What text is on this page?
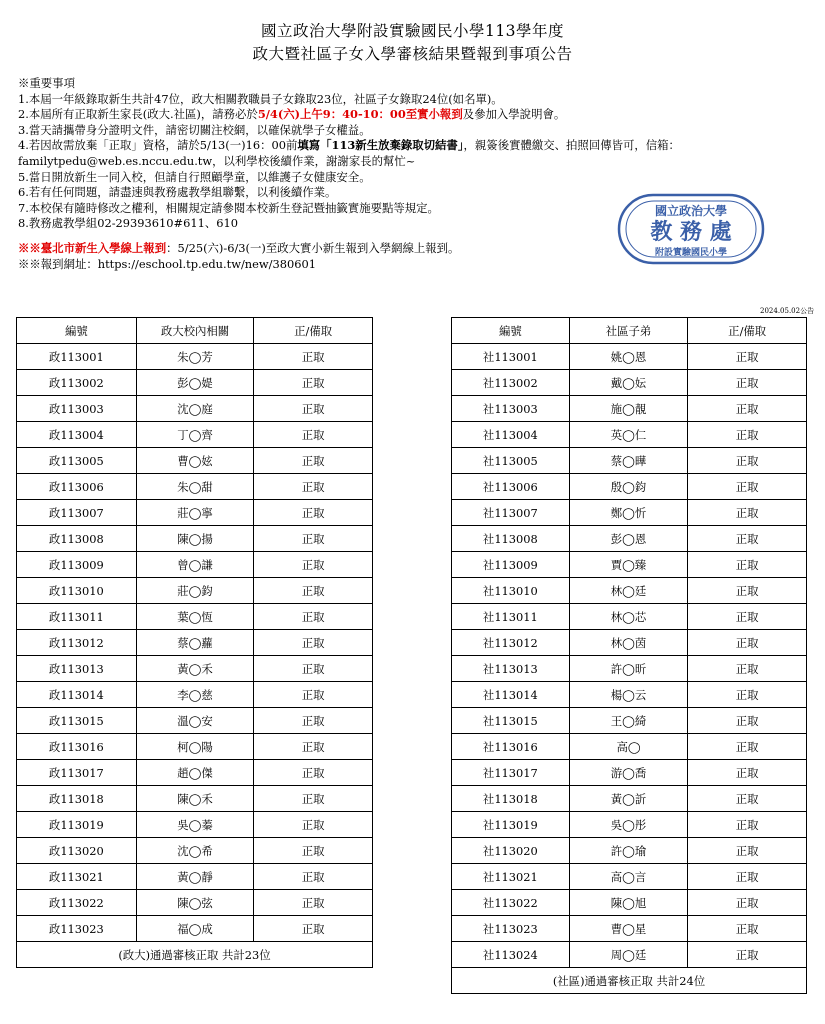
國立政治大學附設實驗國民小學113學年度
政大暨社區子女入學審核結果暨報到事項公告
※重要事項
1.本屆一年級錄取新生共計47位，政大相關教職員子女錄取23位，社區子女錄取24位(如名單)。
2.本屆所有正取新生家長(政大.社區)，請務必於5/4(六)上午9：40-10：00至實小報到及參加入學說明會。
3.當天請攜帶身分證明文件，請密切關注校網，以確保就學子女權益。
4.若因故需放棄「正取」資格，請於5/13(一)16：00前填寫「113新生放棄錄取切結書」，親簽後實體繳交、拍照回傳皆可，信箱：
familytpedu@web.es.nccu.edu.tw，以利學校後續作業，謝謝家長的幫忙~
5.當日開放新生一同入校，但請自行照顧學童，以維護子女健康安全。
6.若有任何問題，請盡速與教務處教學組聯繫，以利後續作業。
7.本校保有隨時修改之權利，相關規定請參閱本校新生登記暨抽籤實施要點等規定。
8.教務處教學組02-29393610#611、610
※※臺北市新生入學線上報到：5/25(六)-6/3(一)至政大實小新生報到入學網線上報到。
※※報到網址：https://eschool.tp.edu.tw/new/380601
國立政治大學
教 務 處
附設實驗國民小學
2024.05.02公告
編號	政大校內相關	正/備取
政113001	朱◯芳	正取
政113002	彭◯媞	正取
政113003	沈◯庭	正取
政113004	丁◯齊	正取
政113005	曹◯妶	正取
政113006	朱◯甜	正取
政113007	莊◯寧	正取
政113008	陳◯揚	正取
政113009	曾◯謙	正取
政113010	莊◯鈞	正取
政113011	葉◯恆	正取
政113012	蔡◯蘿	正取
政113013	黃◯禾	正取
政113014	李◯慈	正取
政113015	溫◯安	正取
政113016	柯◯陽	正取
政113017	趙◯傑	正取
政113018	陳◯禾	正取
政113019	吳◯蓁	正取
政113020	沈◯希	正取
政113021	黃◯靜	正取
政113022	陳◯弦	正取
政113023	福◯成	正取
(政大)通過審核正取 共計23位		
編號	社區子弟	正/備取
社113001	姚◯恩	正取
社113002	戴◯妘	正取
社113003	施◯靚	正取
社113004	英◯仁	正取
社113005	蔡◯曄	正取
社113006	殷◯鈞	正取
社113007	鄭◯忻	正取
社113008	彭◯恩	正取
社113009	賈◯臻	正取
社113010	林◯廷	正取
社113011	林◯芯	正取
社113012	林◯茵	正取
社113013	許◯昕	正取
社113014	楊◯云	正取
社113015	王◯綺	正取
社113016	高◯	正取
社113017	游◯喬	正取
社113018	黃◯訢	正取
社113019	吳◯彤	正取
社113020	許◯瑜	正取
社113021	高◯言	正取
社113022	陳◯旭	正取
社113023	曹◯星	正取
社113024	周◯廷	正取
(社區)通過審核正取 共計24位		
